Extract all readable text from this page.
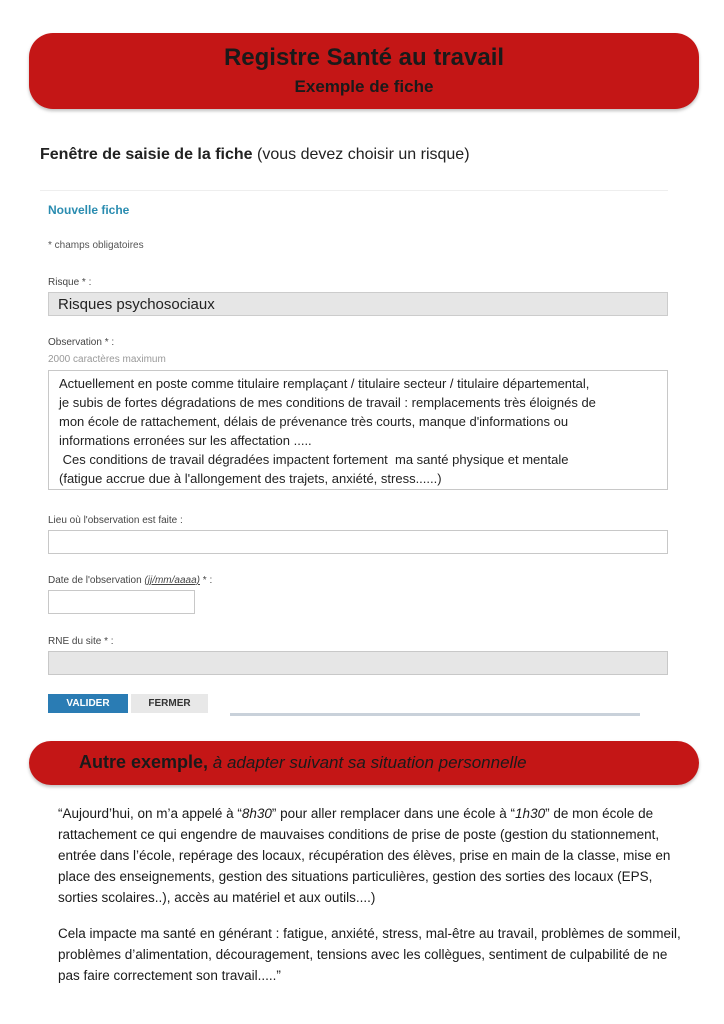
Registre Santé au travail
Exemple de fiche
Fenêtre de saisie de la fiche (vous devez choisir un risque)
Nouvelle fiche
* champs obligatoires
Risque * :
Risques psychosociaux
Observation * :
2000 caractères maximum

Actuellement en poste comme titulaire remplaçant / titulaire secteur / titulaire départemental,

je subis de fortes dégradations de mes conditions de travail : remplacements très éloignés de

mon école de rattachement, délais de prévenance très courts, manque d'informations ou

informations erronées sur les affectation .....

Ces conditions de travail dégradées impactent fortement  ma santé physique et mentale

(fatigue accrue due à l'allongement des trajets, anxiété, stress......)

Lieu où l'observation est faite :
Date de l'observation (jj/mm/aaaa) * :
RNE du site * :
VALIDER	FERMER
Autre exemple, à adapter suivant sa situation personnelle

“Aujourd’hui, on m’a appelé à “8h30” pour aller remplacer dans une école à “1h30” de mon école de rattachement ce qui engendre de mauvaises conditions de prise de poste (gestion du stationnement, entrée dans l’école, repérage des locaux, récupération des élèves, prise en main de la classe, mise en place des enseignements, gestion des situations particulières, gestion des sorties des locaux (EPS, sorties scolaires..), accès au matériel et aux outils....)

Cela impacte ma santé en générant : fatigue, anxiété, stress, mal-être au travail, problèmes de sommeil, problèmes d’alimentation, découragement, tensions avec les collègues, sentiment de culpabilité de ne pas faire correctement son travail.....”
